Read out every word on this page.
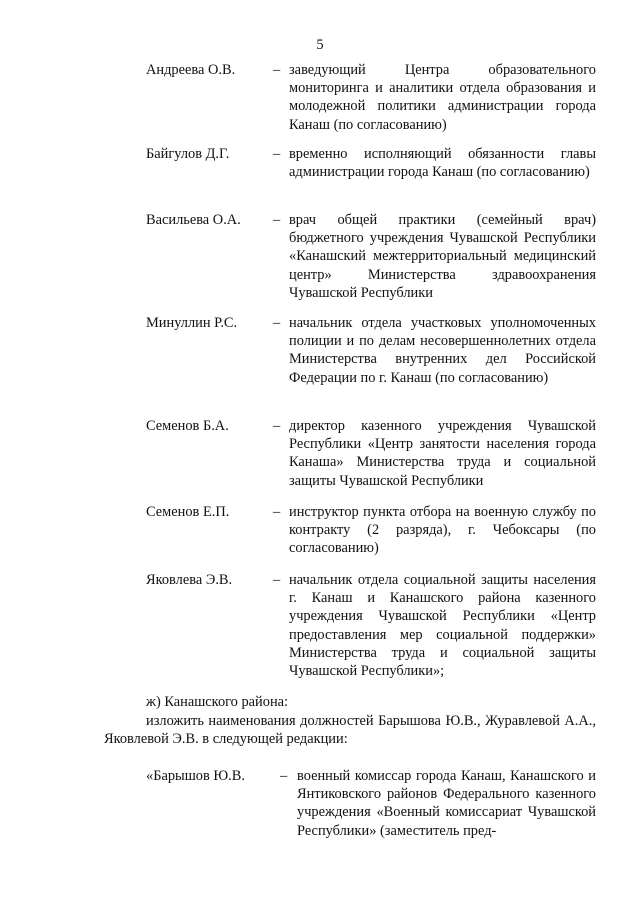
5
Андреева О.В.	– заведующий Центра образовательного мониторинга и аналитики отдела образования и молодежной политики администрации города Канаш (по согласованию)
Байгулов Д.Г.	– временно исполняющий обязанности главы администрации города Канаш (по согласованию)
Васильева О.А. – врач общей практики (семейный врач) бюджетного учреждения Чувашской Республики «Канашский межтерриториальный медицинский центр» Министерства здравоохранения Чувашской Республики
Минуллин Р.С. – начальник отдела участковых уполномоченных полиции и по делам несовершеннолетних отдела Министерства внутренних дел Российской Федерации по г. Канаш (по согласованию)
Семенов Б.А.	– директор казенного учреждения Чувашской Республики «Центр занятости населения города Канаша» Министерства труда и социальной защиты Чувашской Республики
Семенов Е.П.	– инструктор пункта отбора на военную службу по контракту (2 разряда), г. Чебоксары (по согласованию)
Яковлева Э.В.	– начальник отдела социальной защиты населения г. Канаш и Канашского района казенного учреждения Чувашской Республики «Центр предоставления мер социальной поддержки» Министерства труда и социальной защиты Чувашской Республики»;
ж) Канашского района:
изложить наименования должностей Барышова Ю.В., Журавлевой А.А., Яковлевой Э.В. в следующей редакции:
«Барышов Ю.В. – военный комиссар города Канаш, Канашского и Янтиковского районов Федерального казенного учреждения «Военный комиссариат Чувашской Республики» (заместитель пред-
